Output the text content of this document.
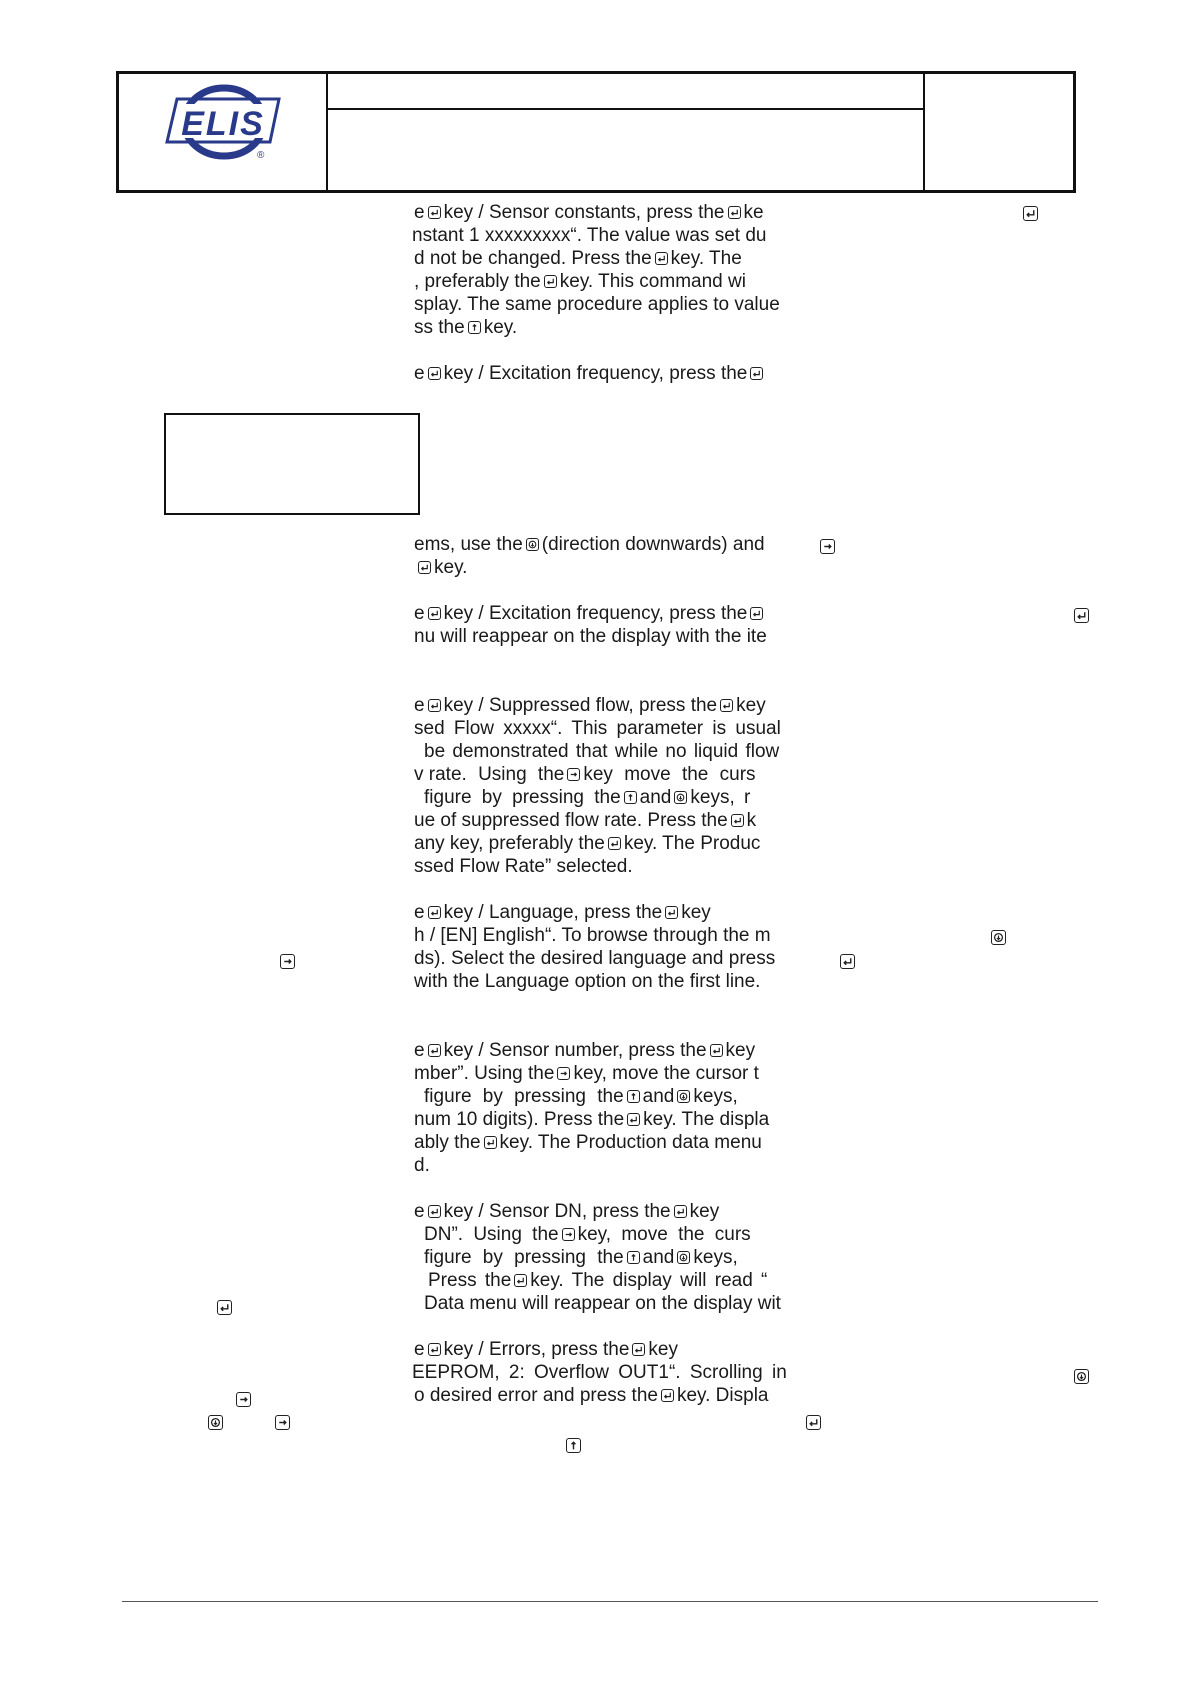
ELIS
®
e key / Sensor constants, press the ke
nstant 1 xxxxxxxxx“. The value was set du
d not be changed. Press the key. The
, preferably the key. This command wi
splay. The same procedure applies to value
ss the key.
e key / Excitation frequency, press the
ems, use the (direction downwards) and
key.
e key / Excitation frequency, press the
nu will reappear on the display with the ite
e key / Suppressed flow, press the key
sed Flow xxxxx“. This parameter is usual
be demonstrated that while no liquid flow
v rate. Using the key move the curs
figure by pressing the and keys, r
ue of suppressed flow rate. Press the k
any key, preferably the key. The Produc
ssed Flow Rate” selected.
e key / Language, press the key
h / [EN] English“. To browse through the m
ds). Select the desired language and press
with the Language option on the first line.
e key / Sensor number, press the key
mber”. Using the key, move the cursor t
figure by pressing the and keys,
num 10 digits). Press the key. The displa
ably the key. The Production data menu
d.
e key / Sensor DN, press the key
DN”. Using the key, move the curs
figure by pressing the and keys,
Press the key. The display will read “
Data menu will reappear on the display wit
e key / Errors, press the key
EEPROM, 2: Overflow OUT1“. Scrolling in
o desired error and press the key. Displa
